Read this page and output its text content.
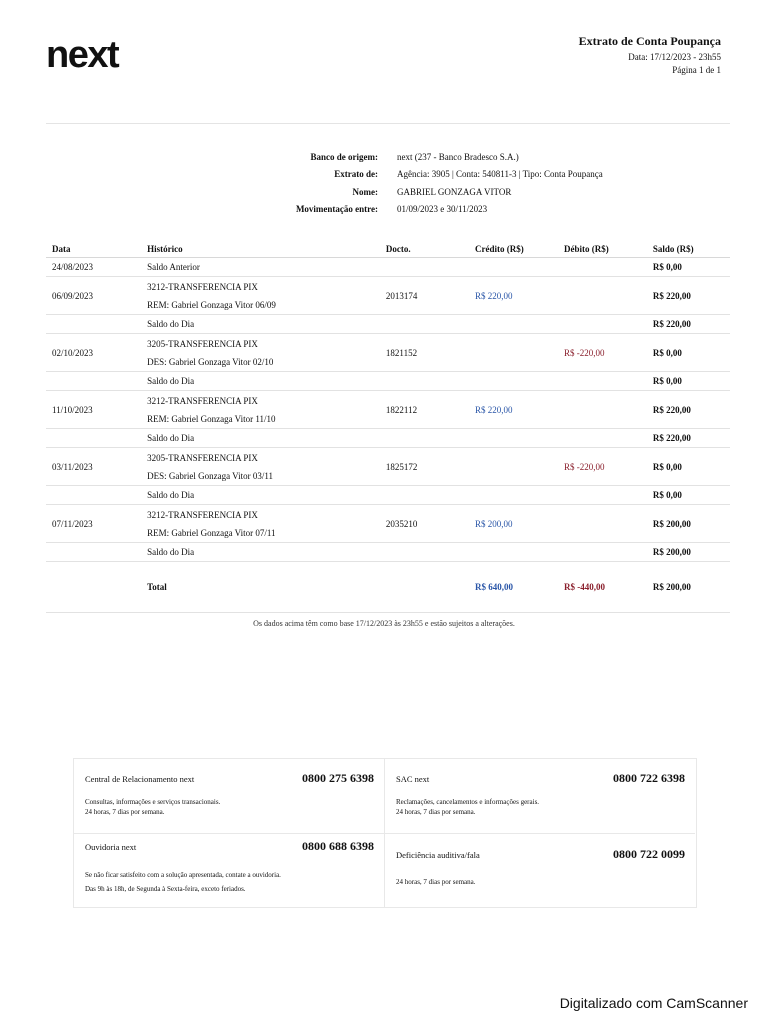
next	Extrato de Conta Poupança
Data: 17/12/2023 - 23h55
Página 1 de 1
Banco de origem:	next (237 - Banco Bradesco S.A.)
Extrato de:	Agência: 3905 | Conta: 540811-3 | Tipo: Conta Poupança
Nome:	GABRIEL GONZAGA VITOR
Movimentação entre:	01/09/2023 e 30/11/2023
Data	Histórico	Docto.	Crédito (R$)	Débito (R$)	Saldo (R$)
24/08/2023	Saldo Anterior				R$ 0,00
06/09/2023	3212-TRANSFERENCIA PIX
REM: Gabriel Gonzaga Vitor 06/09	2013174	R$ 220,00		R$ 220,00
	Saldo do Dia				R$ 220,00
02/10/2023	3205-TRANSFERENCIA PIX
DES: Gabriel Gonzaga Vitor 02/10	1821152		R$ -220,00	R$ 0,00
	Saldo do Dia				R$ 0,00
11/10/2023	3212-TRANSFERENCIA PIX
REM: Gabriel Gonzaga Vitor 11/10	1822112	R$ 220,00		R$ 220,00
	Saldo do Dia				R$ 220,00
03/11/2023	3205-TRANSFERENCIA PIX
DES: Gabriel Gonzaga Vitor 03/11	1825172		R$ -220,00	R$ 0,00
	Saldo do Dia				R$ 0,00
07/11/2023	3212-TRANSFERENCIA PIX
REM: Gabriel Gonzaga Vitor 07/11	2035210	R$ 200,00		R$ 200,00
	Saldo do Dia				R$ 200,00
	Total		R$ 640,00	R$ -440,00	R$ 200,00
Os dados acima têm como base 17/12/2023 às 23h55 e estão sujeitos a alterações.
Central de Relacionamento next	0800 275 6398
Consultas, informações e serviços transacionais.
24 horas, 7 dias por semana.
SAC next	0800 722 6398
Reclamações, cancelamentos e informações gerais.
24 horas, 7 dias por semana.
Ouvidoria next	0800 688 6398
Se não ficar satisfeito com a solução apresentada, contate a ouvidoria.
Das 9h às 18h, de Segunda à Sexta-feira, exceto feriados.
Deficiência auditiva/fala	0800 722 0099
24 horas, 7 dias por semana.
Digitalizado com CamScanner
